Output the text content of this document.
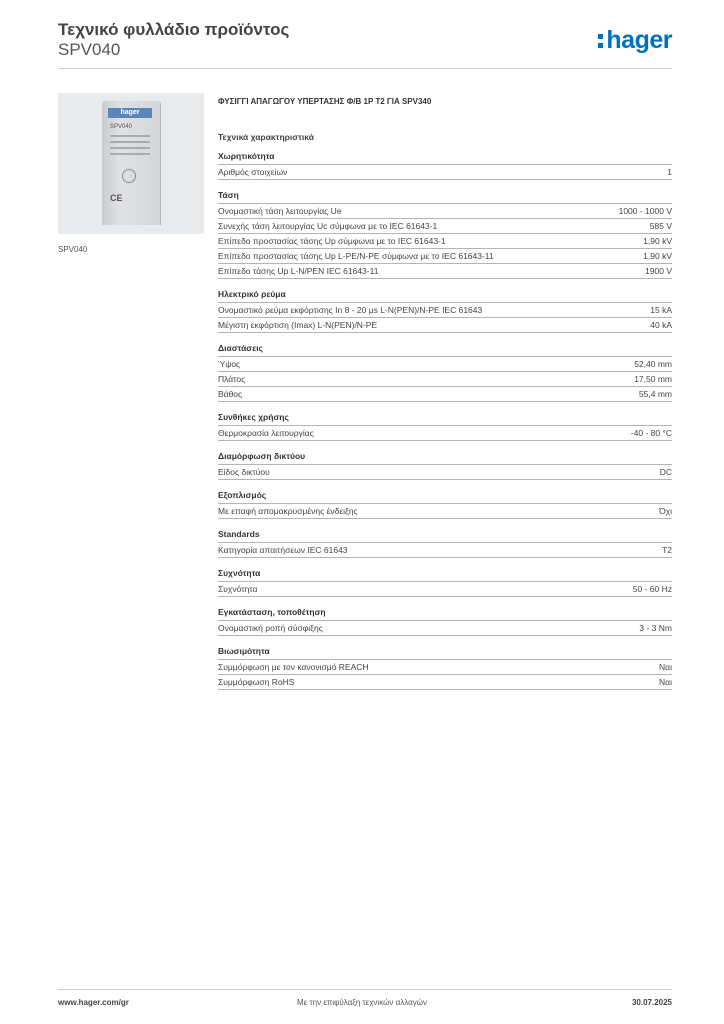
Τεχνικό φυλλάδιο προϊόντος
SPV040	hager
hager
SPV040
CE
SPV040
ΦΥΣΙΓΓΙ ΑΠΑΓΩΓΟΥ ΥΠΕΡΤΑΣΗΣ Φ/Β 1P T2 ΓΙΑ SPV340
Τεχνικά χαρακτηριστικά
Χωρητικότητα
Αριθμός στοιχείων	1
Τάση
Ονομαστική τάση λειτουργίας Ue	1000 - 1000 V
Συνεχής τάση λειτουργίας Uc σύμφωνα με το IEC 61643-1	585 V
Επίπεδο προστασίας τάσης Up σύμφωνα με το IEC 61643-1	1,90 kV
Επίπεδο προστασίας τάσης Up L-PE/N-PE σύμφωνα με το IEC 61643-11	1,90 kV
Επίπεδο τάσης Up L-N/PEN IEC 61643-11	1900 V
Ηλεκτρικό ρεύμα
Ονομαστικό ρεύμα εκφόρτισης In 8 - 20 μs L-N(PEN)/N-PE IEC 61643	15 kA
Μέγιστη εκφόρτιση (Imax) L-N(PEN)/N-PE	40 kA
Διαστάσεις
Ύψος	52,40 mm
Πλάτος	17,50 mm
Βάθος	55,4 mm
Συνθήκες χρήσης
Θερμοκρασία λειτουργίας	-40 - 80 °C
Διαμόρφωση δικτύου
Είδος δικτύου	DC
Εξοπλισμός
Με επαφή απομακρυσμένης ένδειξης	Όχι
Standards
Κατηγορία απαιτήσεων IEC 61643	T2
Συχνότητα
Συχνότητα	50 - 60 Hz
Εγκατάσταση, τοποθέτηση
Ονομαστική ροπή σύσφιξης	3 - 3 Nm
Βιωσιμότητα
Συμμόρφωση με τον κανονισμό REACH	Ναι
Συμμόρφωση RoHS	Ναι
www.hager.com/gr	Με την επιφύλαξη τεχνικών αλλαγών	30.07.2025
